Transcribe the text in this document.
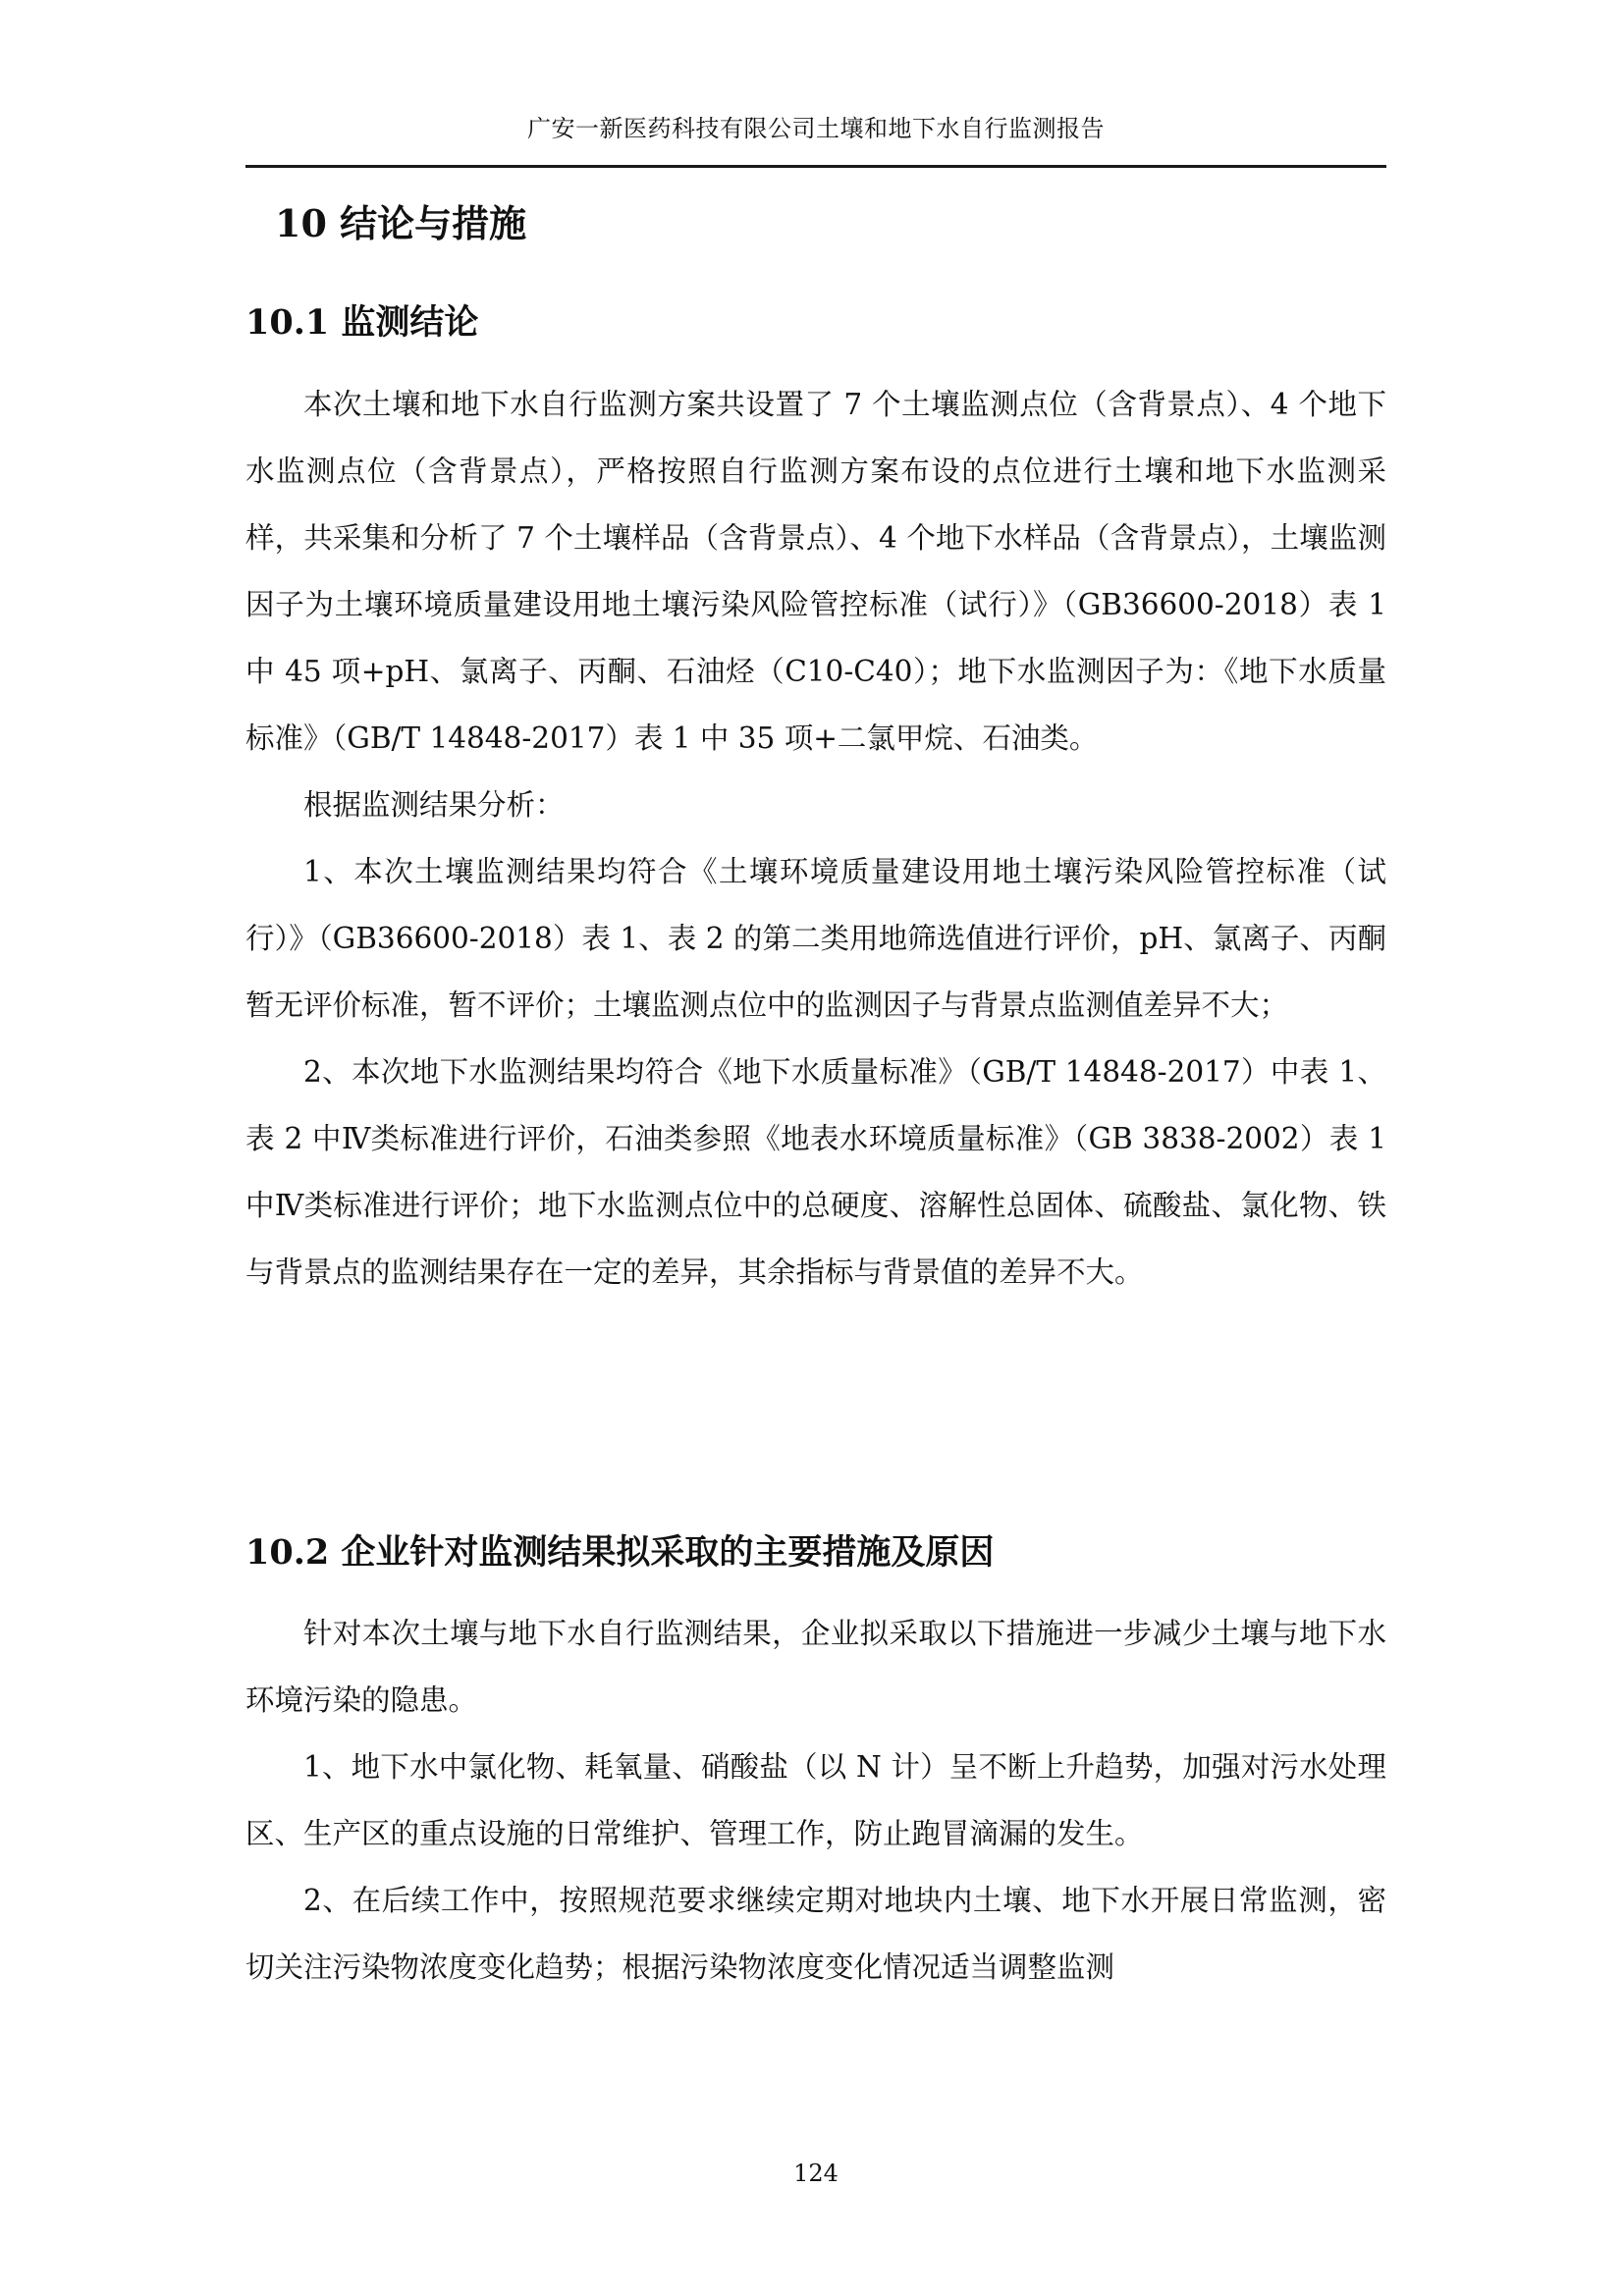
广安一新医药科技有限公司土壤和地下水自行监测报告
10 结论与措施
10.1 监测结论

本次土壤和地下水自行监测方案共设置了 7 个土壤监测点位（含背景点）、4 个地下水监测点位（含背景点），严格按照自行监测方案布设的点位进行土壤和地下水监测采样，共采集和分析了 7 个土壤样品（含背景点）、4 个地下水样品（含背景点），土壤监测因子为土壤环境质量建设用地土壤污染风险管控标准（试行）》（GB36600-2018）表 1 中 45 项+pH、氯离子、丙酮、石油烃（C10-C40）；地下水监测因子为：《地下水质量标准》（GB/T 14848-2017）表 1 中 35 项+二氯甲烷、石油类。

根据监测结果分析：

1、本次土壤监测结果均符合《土壤环境质量建设用地土壤污染风险管控标准（试行）》（GB36600-2018）表 1、表 2 的第二类用地筛选值进行评价，pH、氯离子、丙酮暂无评价标准，暂不评价；土壤监测点位中的监测因子与背景点监测值差异不大；

2、本次地下水监测结果均符合《地下水质量标准》（GB/T 14848-2017）中表 1、表 2 中Ⅳ类标准进行评价，石油类参照《地表水环境质量标准》（GB 3838-2002）表 1 中Ⅳ类标准进行评价；地下水监测点位中的总硬度、溶解性总固体、硫酸盐、氯化物、铁与背景点的监测结果存在一定的差异，其余指标与背景值的差异不大。

10.2 企业针对监测结果拟采取的主要措施及原因

针对本次土壤与地下水自行监测结果，企业拟采取以下措施进一步减少土壤与地下水环境污染的隐患。

1、地下水中氯化物、耗氧量、硝酸盐（以 N 计）呈不断上升趋势，加强对污水处理区、生产区的重点设施的日常维护、管理工作，防止跑冒滴漏的发生。

2、在后续工作中，按照规范要求继续定期对地块内土壤、地下水开展日常监测，密切关注污染物浓度变化趋势；根据污染物浓度变化情况适当调整监测

124
